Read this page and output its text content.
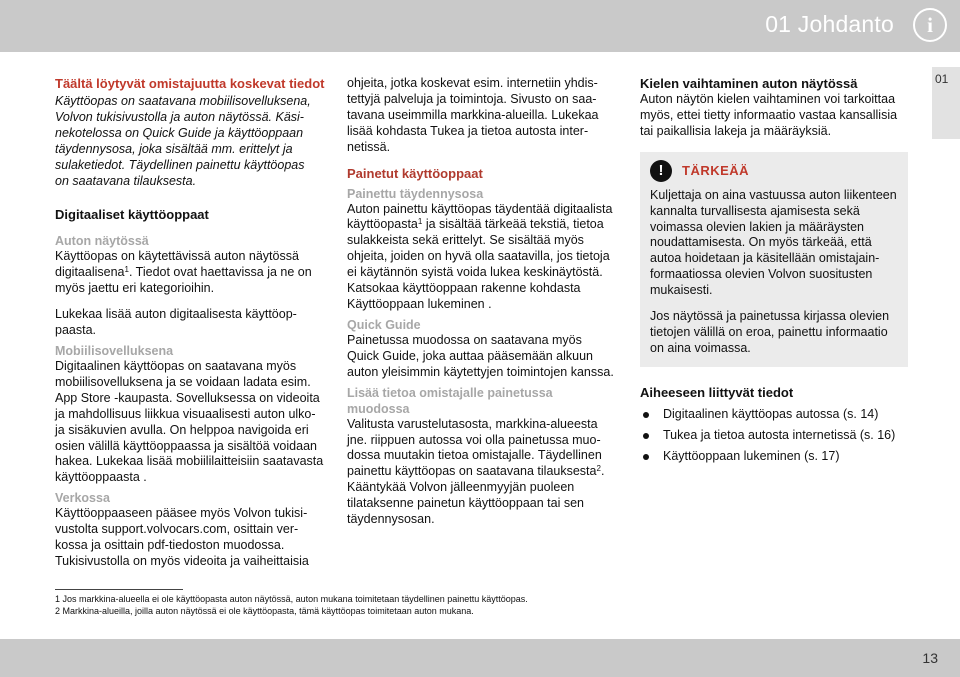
01 Johdanto	i
01

Täältä löytyvät omistajuutta koskevat tiedot

Käyttöopas on saatavana mobiilisovelluksena,
Volvon tukisivustolla ja auton näytössä. Käsi-
nekotelossa on Quick Guide ja käyttöoppaan
täydennysosa, joka sisältää mm. erittelyt ja
sulaketiedot. Täydellinen painettu käyttöopas
on saatavana tilauksesta.

Digitaaliset käyttöoppaat

Auton näytössä

Käyttöopas on käytettävissä auton näytössä digitaalisena$^1$. Tiedot ovat haettavissa ja ne on myös jaettu eri kategorioihin.

Lukekaa lisää auton digitaalisesta käyttöoppaasta.

Mobiilisovelluksena

Digitaalinen käyttöopas on saatavana myös mobiilisovelluksena ja se voidaan ladata esim. App Store -kaupasta. Sovelluksessa on videoita ja mahdollisuus liikkua visuaalisesti auton ulko- ja sisäkuvien avulla. On helppoa navigoida eri osien välillä käyttöoppaassa ja sisältöä voidaan hakea. Lukekaa lisää mobiililaitteisiin saatavasta käyttöoppaasta .

Verkossa

Käyttöoppaaseen pääsee myös Volvon tukisivustolta support.volvocars.com, osittain verkossa ja osittain pdf-tiedoston muodossa. Tukisivustolla on myös videoita ja vaiheittaisia

ohjeita, jotka koskevat esim. internetiin yhdistettyjä palveluja ja toimintoja. Sivusto on saatavana useimmilla markkina-alueilla. Lukekaa lisää kohdasta Tukea ja tietoa autosta internetissä.

Painetut käyttöoppaat

Painettu täydennysosa

Auton painettu käyttöopas täydentää digitaalista käyttöopasta$^1$ ja sisältää tärkeää tekstiä, tietoa sulakkeista sekä erittelyt. Se sisältää myös ohjeita, joiden on hyvä olla saatavilla, jos tietoja ei käytännön syistä voida lukea keskinäytöstä. Katsokaa käyttöoppaan rakenne kohdasta Käyttöoppaan lukeminen .

Quick Guide

Painetussa muodossa on saatavana myös Quick Guide, joka auttaa pääsemään alkuun auton yleisimmin käytettyjen toimintojen kanssa.

Lisää tietoa omistajalle painetussa muodossa

Valitusta varustelutasosta, markkina-alueesta jne. riippuen autossa voi olla painetussa muodossa muutakin tietoa omistajalle. Täydellinen painettu käyttöopas on saatavana tilauksesta$^2$. Kääntykää Volvon jälleenmyyjän puoleen tilataksenne painetun käyttöoppaan tai sen täydennysosan.

Kielen vaihtaminen auton näytössä

Auton näytön kielen vaihtaminen voi tarkoittaa myös, ettei tietty informaatio vastaa kansallisia tai paikallisia lakeja ja määräyksiä.

!	TÄRKEÄÄ

Kuljettaja on aina vastuussa auton liikenteen kannalta turvallisesta ajamisesta sekä voimassa olevien lakien ja määräysten noudattamisesta. On myös tärkeää, että autoa hoidetaan ja käsitellään omistajainformaatiossa olevien Volvon suositusten mukaisesti.

Jos näytössä ja painetussa kirjassa olevien tietojen välillä on eroa, painettu informaatio on aina voimassa.

Aiheeseen liittyvät tiedot

Digitaalinen käyttöopas autossa (s. 14)
Tukea ja tietoa autosta internetissä (s. 16)
Käyttöoppaan lukeminen (s. 17)
1 Jos markkina-alueella ei ole käyttöopasta auton näytössä, auton mukana toimitetaan täydellinen painettu käyttöopas.
2 Markkina-alueilla, joilla auton näytössä ei ole käyttöopasta, tämä käyttöopas toimitetaan auton mukana.
13
